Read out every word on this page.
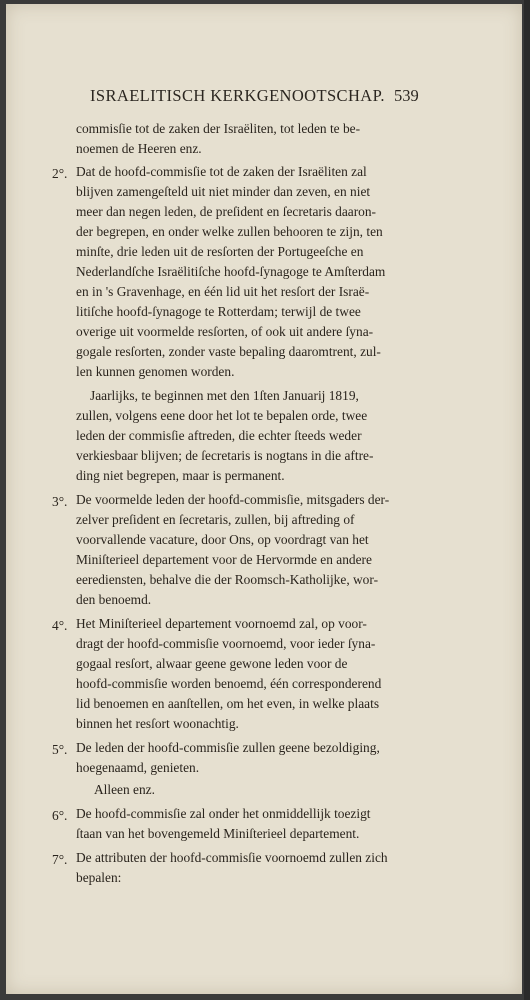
ISRAELITISCH KERKGENOOTSCHAP. 539
commisſie tot de zaken der Israëliten, tot leden te be-
noemen de Heeren enz.
2°. Dat de hoofd-commisſie tot de zaken der Israëliten zal
blijven zamengeſteld uit niet minder dan zeven, en niet
meer dan negen leden, de preſident en ſecretaris daaron-
der begrepen, en onder welke zullen behooren te zijn, ten
minſte, drie leden uit de resſorten der Portugeeſche en
Nederlandſche Israëlitiſche hoofd-ſynagoge te Amſterdam
en in 's Gravenhage, en één lid uit het resſort der Israë-
litiſche hoofd-ſynagoge te Rotterdam; terwijl de twee
overige uit voormelde resſorten, of ook uit andere ſyna-
gogale resſorten, zonder vaste bepaling daaromtrent, zul-
len kunnen genomen worden.
Jaarlijks, te beginnen met den 1ſten Januarij 1819,
zullen, volgens eene door het lot te bepalen orde, twee
leden der commisſie aftreden, die echter ſteeds weder
verkiesbaar blijven; de ſecretaris is nogtans in die aftre-
ding niet begrepen, maar is permanent.
3°. De voormelde leden der hoofd-commisſie, mitsgaders der-
zelver preſident en ſecretaris, zullen, bij aftreding of
voorvallende vacature, door Ons, op voordragt van het
Miniſterieel departement voor de Hervormde en andere
eerediensten, behalve die der Roomsch-Katholijke, wor-
den benoemd.
4°. Het Miniſterieel departement voornoemd zal, op voor-
dragt der hoofd-commisſie voornoemd, voor ieder ſyna-
gogaal resſort, alwaar geene gewone leden voor de
hoofd-commisſie worden benoemd, één corresponderend
lid benoemen en aanſtellen, om het even, in welke plaats
binnen het resſort woonachtig.
5°. De leden der hoofd-commisſie zullen geene bezoldiging,
hoegenaamd, genieten.
Alleen enz.
6°. De hoofd-commisſie zal onder het onmiddellijk toezigt
ſtaan van het bovengemeld Miniſterieel departement.
7°. De attributen der hoofd-commisſie voornoemd zullen zich
bepalen:
